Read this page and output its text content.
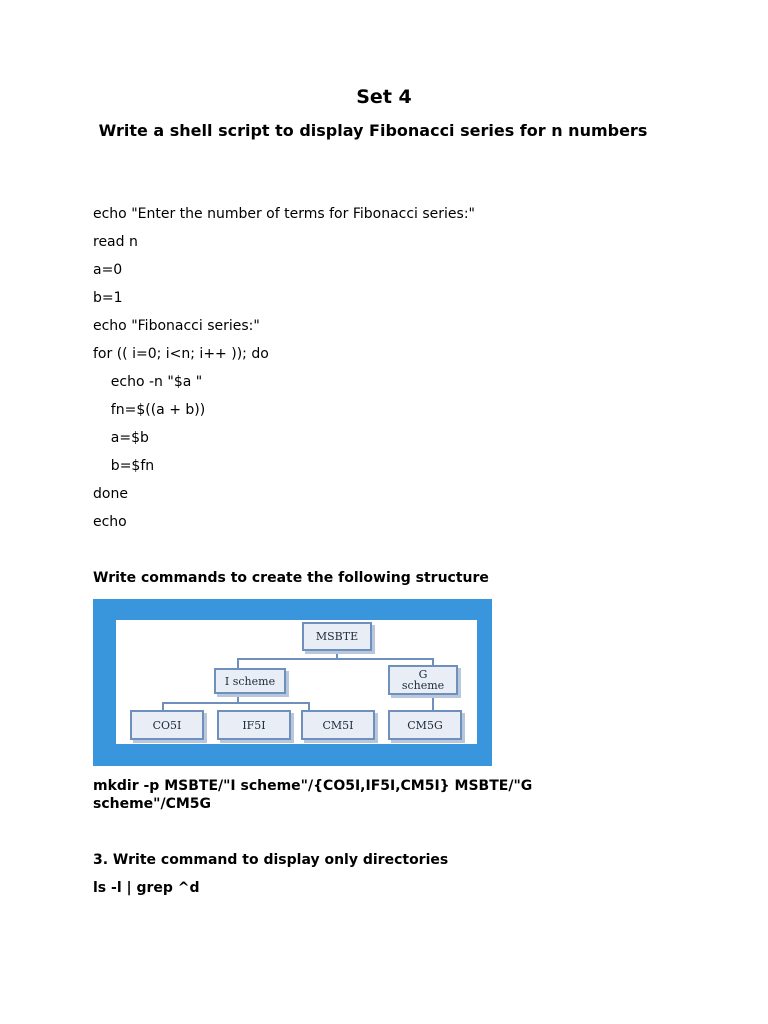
Set 4
Write a shell script to display Fibonacci series for n numbers
echo "Enter the number of terms for Fibonacci series:"
read n
a=0
b=1
echo "Fibonacci series:"
for (( i=0; i<n; i++ )); do
echo -n "$a "
fn=$((a + b))
a=$b
b=$fn
done
echo
Write commands to create the following structure
MSBTE
I scheme	G scheme
CO5I	IF5I	CM5I	CM5G
mkdir -p MSBTE/"I scheme"/{CO5I,IF5I,CM5I} MSBTE/"G scheme"/CM5G
3. Write command to display only directories
ls -l | grep ^d
